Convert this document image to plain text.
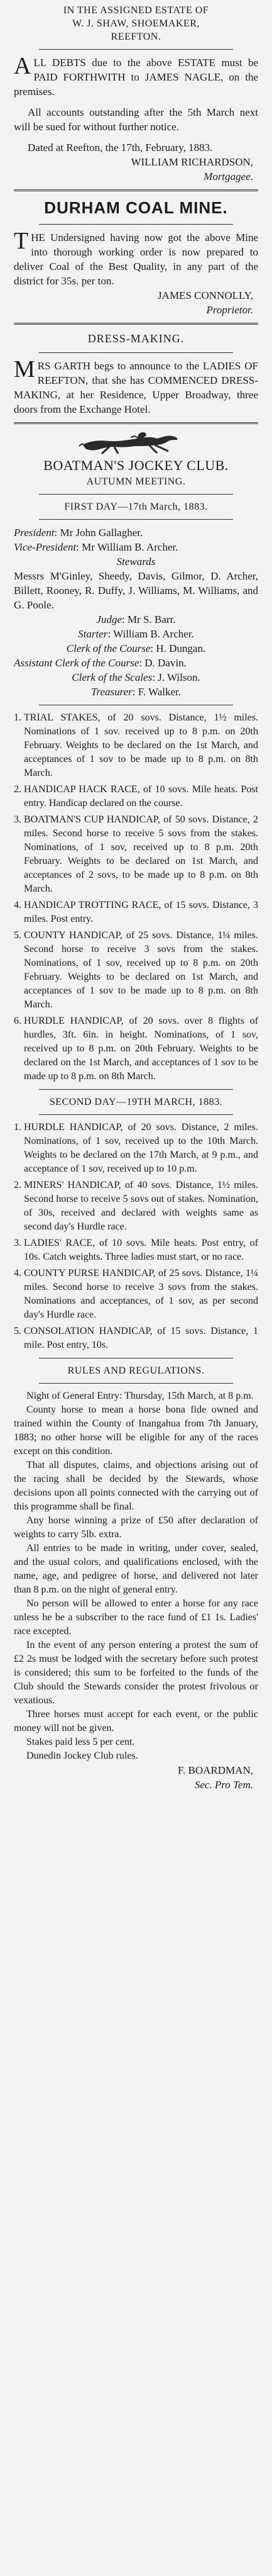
IN THE ASSIGNED ESTATE OF
W. J. SHAW, SHOEMAKER,
REEFTON.

ALL DEBTS due to the above ESTATE must be PAID FORTHWITH to JAMES NAGLE, on the premises.

All accounts outstanding after the 5th March next will be sued for without further notice.

Dated at Reefton, the 17th, February, 1883.

WILLIAM RICHARDSON,
Mortgagee.
DURHAM COAL MINE.

THE Undersigned having now got the above Mine into thorough working order is now prepared to deliver Coal of the Best Quality, in any part of the district for 35s. per ton.

JAMES CONNOLLY,
Proprietor.
DRESS-MAKING.

MRS GARTH begs to announce to the LADIES OF REEFTON, that she has COMMENCED DRESS-MAKING, at her Residence, Upper Broadway, three doors from the Exchange Hotel.

BOATMAN'S JOCKEY CLUB.
AUTUMN MEETING.
FIRST DAY—17th March, 1883.
President: Mr John Gallagher.
Vice-President: Mr William B. Archer.
Stewards

Messrs M'Ginley, Sheedy, Davis, Gilmor, D. Archer, Billett, Rooney, R. Duffy, J. Williams, M. Williams, and G. Poole.

Judge: Mr S. Barr.
Starter: William B. Archer.
Clerk of the Course: H. Dungan.
Assistant Clerk of the Course: D. Davin.
Clerk of the Scales: J. Wilson.
Treasurer: F. Walker.

1. TRIAL STAKES, of 20 sovs. Distance, 1½ miles. Nominations of 1 sov. received up to 8 p.m. on 20th February. Weights to be declared on the 1st March, and acceptances of 1 sov to be made up to 8 p.m. on 8th March.

2. HANDICAP HACK RACE, of 10 sovs. Mile heats. Post entry. Handicap declared on the course.

3. BOATMAN'S CUP HANDICAP, of 50 sovs. Distance, 2 miles. Second horse to receive 5 sovs from the stakes. Nominations, of 1 sov, received up to 8 p.m. 20th February. Weights to be declared on 1st March, and acceptances of 2 sovs, to be made up to 8 p.m. on 8th March.

4. HANDICAP TROTTING RACE, of 15 sovs. Distance, 3 miles. Post entry.

5. COUNTY HANDICAP, of 25 sovs. Distance, 1¼ miles. Second horse to receive 3 sovs from the stakes. Nominations, of 1 sov, received up to 8 p.m. on 20th February. Weights to be declared on 1st March, and acceptances of 1 sov to be made up to 8 p.m. on 8th March.

6. HURDLE HANDICAP, of 20 sovs. over 8 flights of hurdles, 3ft. 6in. in height. Nominations, of 1 sov, received up to 8 p.m. on 20th February. Weights to be declared on the 1st March, and acceptances of 1 sov to be made up to 8 p.m. on 8th March.

SECOND DAY—19TH MARCH, 1883.

1. HURDLE HANDICAP, of 20 sovs. Distance, 2 miles. Nominations, of 1 sov, received up to the 10th March. Weights to be declared on the 17th March, at 9 p.m., and acceptance of 1 sov, received up to 10 p.m.

2. MINERS' HANDICAP, of 40 sovs. Distance, 1½ miles. Second horse to receive 5 sovs out of stakes. Nomination, of 30s, received and declared with weights same as second day's Hurdle race.

3. LADIES' RACE, of 10 sovs. Mile heats. Post entry, of 10s. Catch weights. Three ladies must start, or no race.

4. COUNTY PURSE HANDICAP, of 25 sovs. Distance, 1¼ miles. Second horse to receive 3 sovs from the stakes. Nominations and acceptances, of 1 sov, as per second day's Hurdle race.

5. CONSOLATION HANDICAP, of 15 sovs. Distance, 1 mile. Post entry, 10s.

RULES AND REGULATIONS.

Night of General Entry: Thursday, 15th March, at 8 p.m.

County horse to mean a horse bona fide owned and trained within the County of Inangahua from 7th January, 1883; no other horse will be eligible for any of the races except on this condition.

That all disputes, claims, and objections arising out of the racing shall be decided by the Stewards, whose decisions upon all points connected with the carrying out of this programme shall be final.

Any horse winning a prize of £50 after declaration of weights to carry 5lb. extra.

All entries to be made in writing, under cover, sealed, and the usual colors, and qualifications enclosed, with the name, age, and pedigree of horse, and delivered not later than 8 p.m. on the night of general entry.

No person will be allowed to enter a horse for any race unless he be a subscriber to the race fund of £1 1s. Ladies' race excepted.

In the event of any person entering a protest the sum of £2 2s must be lodged with the secretary before such protest is considered; this sum to be forfeited to the funds of the Club should the Stewards consider the protest frivolous or vexatious.

Three horses must accept for each event, or the public money will not be given.

Stakes paid less 5 per cent.

Dunedin Jockey Club rules.

F. BOARDMAN,
Sec. Pro Tem.
